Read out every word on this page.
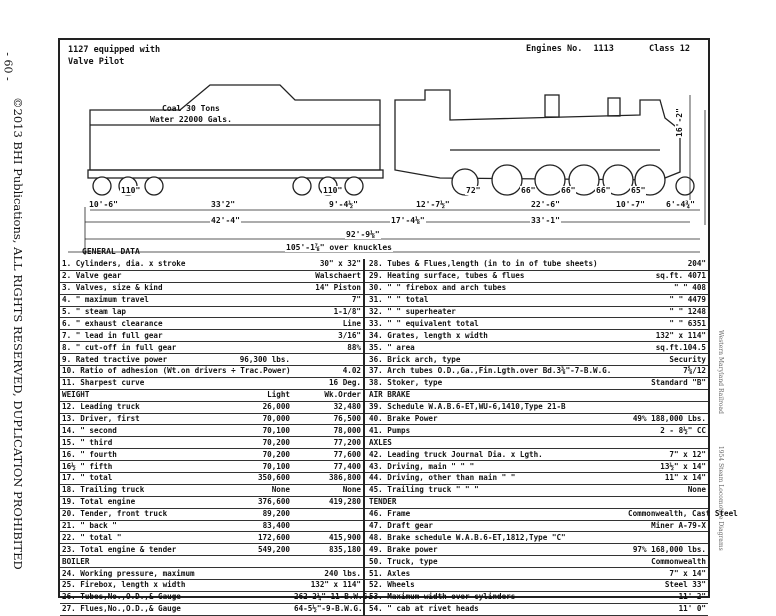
- 60 -
©2013 BHI Publications, ALL RIGHTS RESERVED, DUPLICATION PROHIBITED	Western Maryland Railroad 1954 Steam Locomotive Diagrams
1127 equipped with
Valve Pilot
Engines No. 1113	Class 12
Coal 30 Tons
Water 22000 Gals.	16'-2"
110"	110"	72"	66"	66"	66"	65"
10'-6"	33'2"	9'-4½"	12'-7½"	22'-6"	10'-7"	6'-4¾"
42'-4"	17'-4⅛"	33'-1"
92'-9⅛"
105'-1⅞" over knuckles
GENERAL DATA
1. Cylinders, dia. x stroke		30" x 32"	28. Tubes & Flues,length (in to in of tube sheets)	204"
2. Valve gear		Walschaert	29. Heating surface, tubes & flues	sq.ft. 4071
3. Valves, size & kind		14" Piston	30. " " firebox and arch tubes	" " 408
4. " maximum travel		7"	31. " " total	" " 4479
5. " steam lap		1-1/8"	32. " " superheater	" " 1248
6. " exhaust clearance		Line	33. " " equivalent total	" " 6351
7. " lead in full gear		3/16"	34. Grates, length x width	132" x 114"
8. " cut-off in full gear		88%	35. " area	sq.ft.104.5
9. Rated tractive power	96,300 lbs.		36. Brick arch, type	Security
10. Ratio of adhesion (Wt.on drivers ÷ Trac.Power)		4.02	37. Arch tubes O.D.,Ga.,Fin.Lgth.over Bd.3⅜"-7-B.W.G.	7⅝/12
11. Sharpest curve		16 Deg.	38. Stoker, type	Standard "B"
WEIGHT	Light	Wk.Order	AIR BRAKE	
12. Leading truck	26,000	32,480	39. Schedule W.A.B.6-ET,WU-6,1410,Type 21-B	
13. Driver, first	70,000	76,500	40. Brake Power	49% 188,000 Lbs.
14. " second	70,100	78,000	41. Pumps	2 - 8½" CC
15. " third	70,200	77,200	AXLES	
16. " fourth	70,200	77,600	42. Leading truck Journal Dia. x Lgth.	7" x 12"
16½ " fifth	70,100	77,400	43. Driving, main " " "	13½" x 14"
17. " total	350,600	386,800	44. Driving, other than main " "	11" x 14"
18. Trailing truck	None	None	45. Trailing truck " " "	None
19. Total engine	376,600	419,280	TENDER	
20. Tender, front truck	89,200		46. Frame	Commonwealth, Cast Steel
21. " back "	83,400		47. Draft gear	Miner A-79-X
22. " total "	172,600	415,900	48. Brake schedule W.A.B.6-ET,1812,Type "C"	
23. Total engine & tender	549,200	835,180	49. Brake power	97% 168,000 lbs.
BOILER			50. Truck, type	Commonwealth
24. Working pressure, maximum		240 lbs.	51. Axles	7" x 14"
25. Firebox, length x width		132" x 114"	52. Wheels	Steel 33"
26. Tubes,No.,O.D.,& Gauge		262-2¼"-11-B.W.G.	53. Maximum width over cylinders	11' 2"
27. Flues,No.,O.D.,& Gauge		64-5½"-9-B.W.G.	54. " cab at rivet heads	11' 0"
